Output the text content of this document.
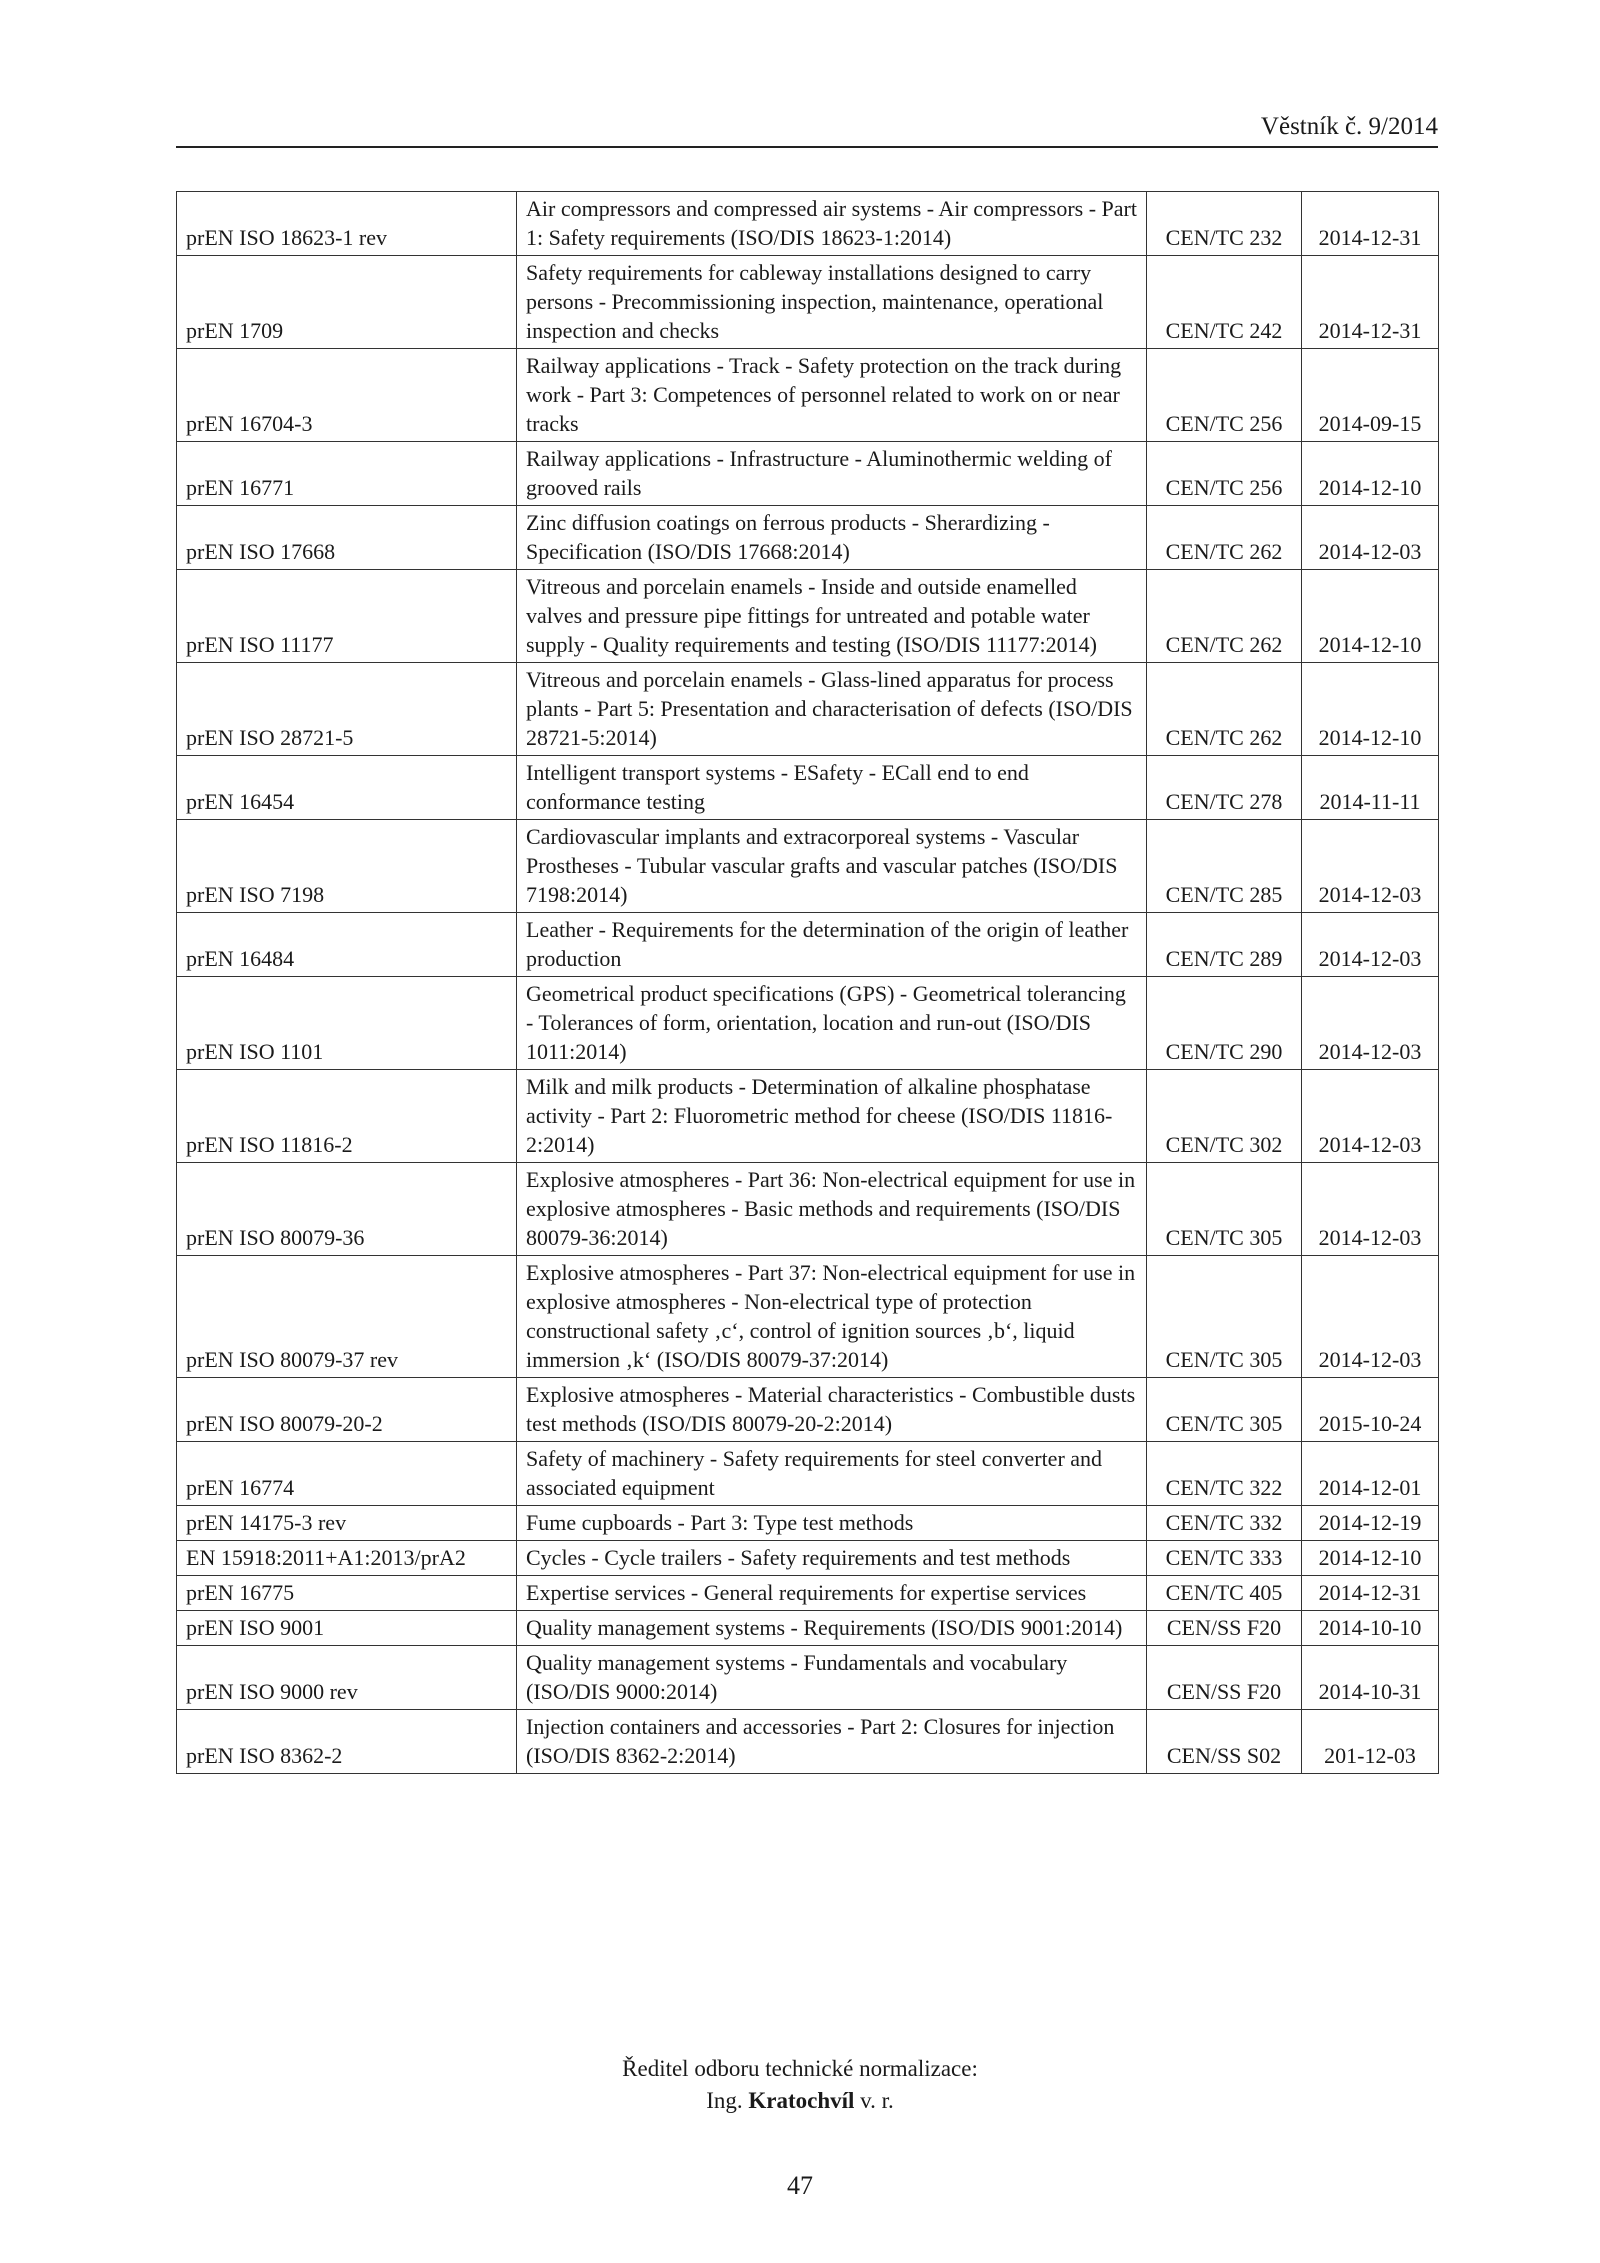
Věstník č. 9/2014
prEN ISO 18623-1 rev	Air compressors and compressed air systems - Air compressors - Part 1: Safety requirements (ISO/DIS 18623-1:2014)	CEN/TC 232	2014-12-31
prEN 1709	Safety requirements for cableway installations designed to carry persons - Precommissioning inspection, maintenance, operational inspection and checks	CEN/TC 242	2014-12-31
prEN 16704-3	Railway applications - Track - Safety protection on the track during work - Part 3: Competences of personnel related to work on or near tracks	CEN/TC 256	2014-09-15
prEN 16771	Railway applications - Infrastructure - Aluminothermic welding of grooved rails	CEN/TC 256	2014-12-10
prEN ISO 17668	Zinc diffusion coatings on ferrous products - Sherardizing - Specification (ISO/DIS 17668:2014)	CEN/TC 262	2014-12-03
prEN ISO 11177	Vitreous and porcelain enamels - Inside and outside enamelled valves and pressure pipe fittings for untreated and potable water supply - Quality requirements and testing (ISO/DIS 11177:2014)	CEN/TC 262	2014-12-10
prEN ISO 28721-5	Vitreous and porcelain enamels - Glass-lined apparatus for process plants - Part 5: Presentation and characterisation of defects (ISO/DIS 28721-5:2014)	CEN/TC 262	2014-12-10
prEN 16454	Intelligent transport systems - ESafety - ECall end to end conformance testing	CEN/TC 278	2014-11-11
prEN ISO 7198	Cardiovascular implants and extracorporeal systems - Vascular Prostheses - Tubular vascular grafts and vascular patches (ISO/DIS 7198:2014)	CEN/TC 285	2014-12-03
prEN 16484	Leather - Requirements for the determination of the origin of leather production	CEN/TC 289	2014-12-03
prEN ISO 1101	Geometrical product specifications (GPS) - Geometrical tolerancing - Tolerances of form, orientation, location and run-out (ISO/DIS 1011:2014)	CEN/TC 290	2014-12-03
prEN ISO 11816-2	Milk and milk products - Determination of alkaline phosphatase activity - Part 2: Fluorometric method for cheese (ISO/DIS 11816-2:2014)	CEN/TC 302	2014-12-03
prEN ISO 80079-36	Explosive atmospheres - Part 36: Non-electrical equipment for use in explosive atmospheres - Basic methods and requirements (ISO/DIS 80079-36:2014)	CEN/TC 305	2014-12-03
prEN ISO 80079-37 rev	Explosive atmospheres - Part 37: Non-electrical equipment for use in explosive atmospheres - Non-electrical type of protection constructional safety ‚c‘, control of ignition sources ‚b‘, liquid immersion ‚k‘ (ISO/DIS 80079-37:2014)	CEN/TC 305	2014-12-03
prEN ISO 80079-20-2	Explosive atmospheres - Material characteristics - Combustible dusts test methods (ISO/DIS 80079-20-2:2014)	CEN/TC 305	2015-10-24
prEN 16774	Safety of machinery - Safety requirements for steel converter and associated equipment	CEN/TC 322	2014-12-01
prEN 14175-3 rev	Fume cupboards - Part 3: Type test methods	CEN/TC 332	2014-12-19
EN 15918:2011+A1:2013/prA2	Cycles - Cycle trailers - Safety requirements and test methods	CEN/TC 333	2014-12-10
prEN 16775	Expertise services - General requirements for expertise services	CEN/TC 405	2014-12-31
prEN ISO 9001	Quality management systems - Requirements (ISO/DIS 9001:2014)	CEN/SS F20	2014-10-10
prEN ISO 9000 rev	Quality management systems - Fundamentals and vocabulary (ISO/DIS 9000:2014)	CEN/SS F20	2014-10-31
prEN ISO 8362-2	Injection containers and accessories - Part 2: Closures for injection (ISO/DIS 8362-2:2014)	CEN/SS S02	201-12-03
Ředitel odboru technické normalizace:
Ing. Kratochvíl v. r.
47
